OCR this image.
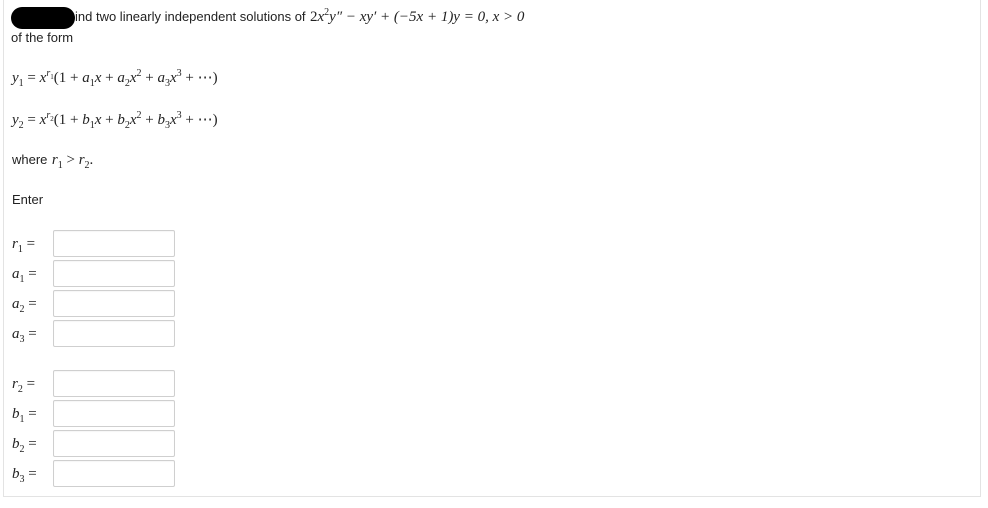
ind two linearly independent solutions of $2x^2y'' - xy' + (-5x + 1)y = 0$, x > 0
of the form
$y_1 = x^{r_1}(1 + a_1x + a_2x^2 + a_3x^3$ + ⋯)
$y_2 = x^{r_2}(1 + b_1x + b_2x^2 + b_3x^3$ + ⋯)
where $r_1 > r_2$.
Enter
$r_1$ =
$a_1$ =
$a_2$ =
$a_3$ =
$r_2$ =
$b_1$ =
$b_2$ =
$b_3$ =
